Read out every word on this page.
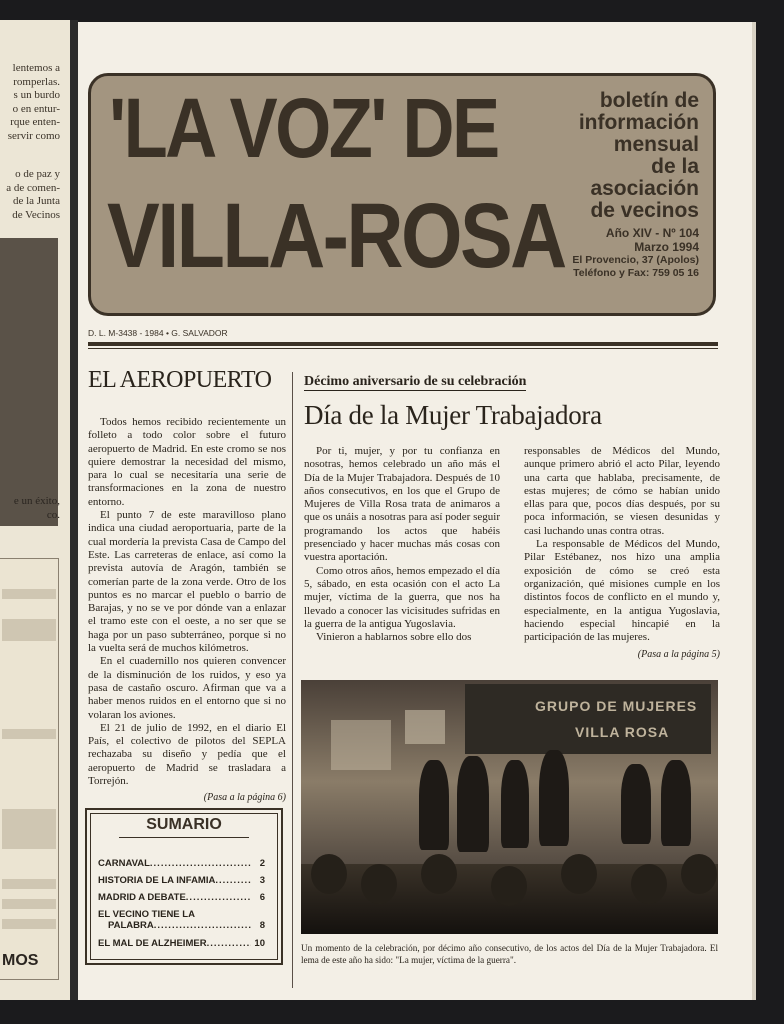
lentemos a
romperlas.
s un burdo
o en entur-
rque enten-
servir como
o de paz y
a de comen-
de la Junta
de Vecinos
e un éxito,
co.
MOS
'LA VOZ' DE
VILLA-ROSA
boletín de
información
mensual
de la
asociación
de vecinos
Año XIV - Nº 104
Marzo 1994
El Provencio, 37 (Apolos)
Teléfono y Fax: 759 05 16
D. L. M-3438 - 1984 • G. SALVADOR
EL AEROPUERTO

Todos hemos recibido recientemente un folleto a todo color sobre el futuro aeropuerto de Madrid. En este cromo se nos quiere demostrar la necesidad del mismo, para lo cual se necesitaría una serie de transformaciones en la zona de nuestro entorno.

El punto 7 de este maravilloso plano indica una ciudad aeroportuaria, parte de la cual mordería la prevista Casa de Campo del Este. Las carreteras de enlace, así como la prevista autovía de Aragón, también se comerían parte de la zona verde. Otro de los puntos es no marcar el pueblo o barrio de Barajas, y no se ve por dónde van a enlazar el tramo este con el oeste, a no ser que se haga por un paso subterráneo, porque si no la vuelta será de muchos kilómetros.

En el cuadernillo nos quieren convencer de la disminución de los ruidos, y eso ya pasa de castaño oscuro. Afirman que va a haber menos ruidos en el entorno que si no volaran los aviones.

El 21 de julio de 1992, en el diario El País, el colectivo de pilotos del SEPLA rechazaba su diseño y pedía que el aeropuerto de Madrid se trasladara a Torrejón.

(Pasa a la página 6)
SUMARIO
CARNAVAL .....	2
HISTORIA DE LA INFAMIA .....	3
MADRID A DEBATE .....	6
EL VECINO TIENE LA
PALABRA .....	8
EL MAL DE ALZHEIMER .....	10
Décimo aniversario de su celebración
Día de la Mujer Trabajadora

Por ti, mujer, y por tu confianza en nosotras, hemos celebrado un año más el Día de la Mujer Trabajadora. Después de 10 años consecutivos, en los que el Grupo de Mujeres de Villa Rosa trata de animaros a que os unáis a nosotras para así poder seguir programando los actos que habéis presenciado y hacer muchas más cosas con vuestra aportación.

Como otros años, hemos empezado el día 5, sábado, en esta ocasión con el acto La mujer, víctima de la guerra, que nos ha llevado a conocer las vicisitudes sufridas en la guerra de la antigua Yugoslavia.

Vinieron a hablarnos sobre ello dos

responsables de Médicos del Mundo, aunque primero abrió el acto Pilar, leyendo una carta que hablaba, precisamente, de estas mujeres; de cómo se habían unido ellas para que, pocos días después, por su poca información, se viesen desunidas y casi luchando unas contra otras.

La responsable de Médicos del Mundo, Pilar Estébanez, nos hizo una amplia exposición de cómo se creó esta organización, qué misiones cumple en los distintos focos de conflicto en el mundo y, especialmente, en la antigua Yugoslavia, haciendo especial hincapié en la participación de las mujeres.

(Pasa a la página 5)
GRUPO DE MUJERES
VILLA ROSA
Un momento de la celebración, por décimo año consecutivo, de los actos del Día de la Mujer Trabajadora. El lema de este año ha sido: "La mujer, víctima de la guerra".
